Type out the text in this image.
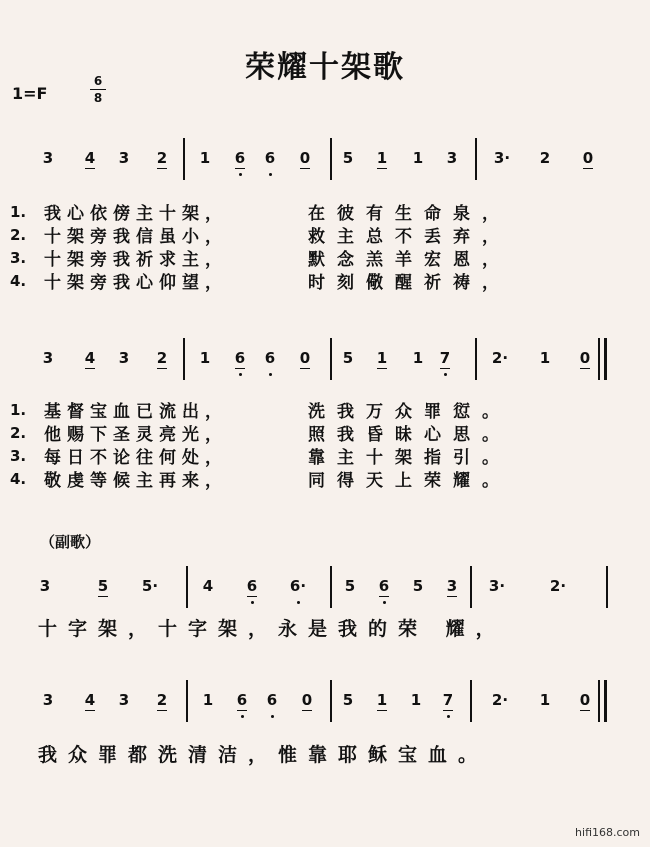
荣耀十架歌
1=F
6
8
3	4	3	2	1	6	6	0	5	1	1	3	3·	2	0
1.	我心依傍主十架，	在彼有生命泉，
2.	十架旁我信虽小，	救主总不丢弃，
3.	十架旁我祈求主，	默念羔羊宏恩，
4.	十架旁我心仰望，	时刻儆醒祈祷，
3	4	3	2	1	6	6	0	5	1	1	7	2·	1	0
1.	基督宝血已流出，	洗我万众罪愆。
2.	他赐下圣灵亮光，	照我昏昧心思。
3.	每日不论往何处，	靠主十架指引。
4.	敬虔等候主再来，	同得天上荣耀。
（副歌）
3	5	5·	4	6	6·	5	6	5	3	3·	2·
十字架，十字架，永是我的荣 耀，
3	4	3	2	1	6	6	0	5	1	1	7	2·	1	0
我众罪都洗清洁，惟靠耶稣宝血。
hifi168.com
